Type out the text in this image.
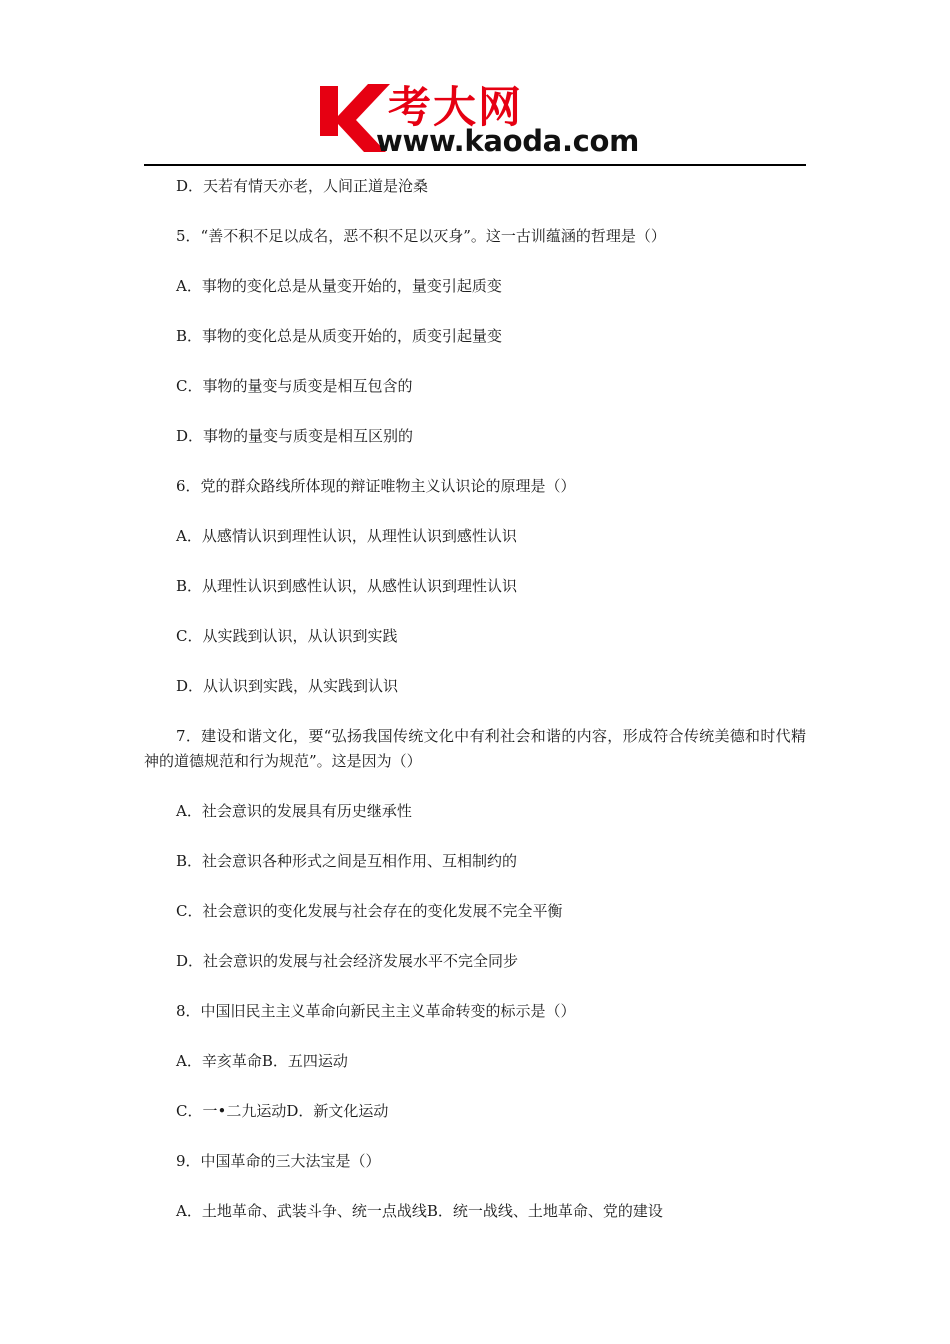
考大网
www.kaoda.com

D．天若有情天亦老，人间正道是沧桑

5．“善不积不足以成名，恶不积不足以灭身”。这一古训蕴涵的哲理是（）

A．事物的变化总是从量变开始的，量变引起质变

B．事物的变化总是从质变开始的，质变引起量变

C．事物的量变与质变是相互包含的

D．事物的量变与质变是相互区别的

6．党的群众路线所体现的辩证唯物主义认识论的原理是（）

A．从感情认识到理性认识，从理性认识到感性认识

B．从理性认识到感性认识，从感性认识到理性认识

C．从实践到认识，从认识到实践

D．从认识到实践，从实践到认识

7．建设和谐文化，要“弘扬我国传统文化中有利社会和谐的内容，形成符合传统美德和时代精神的道德规范和行为规范”。这是因为（）

A．社会意识的发展具有历史继承性

B．社会意识各种形式之间是互相作用、互相制约的

C．社会意识的变化发展与社会存在的变化发展不完全平衡

D．社会意识的发展与社会经济发展水平不完全同步

8．中国旧民主主义革命向新民主主义革命转变的标示是（）

A．辛亥革命B．五四运动

C．一•二九运动D．新文化运动

9．中国革命的三大法宝是（）

A．土地革命、武装斗争、统一点战线B．统一战线、土地革命、党的建设
